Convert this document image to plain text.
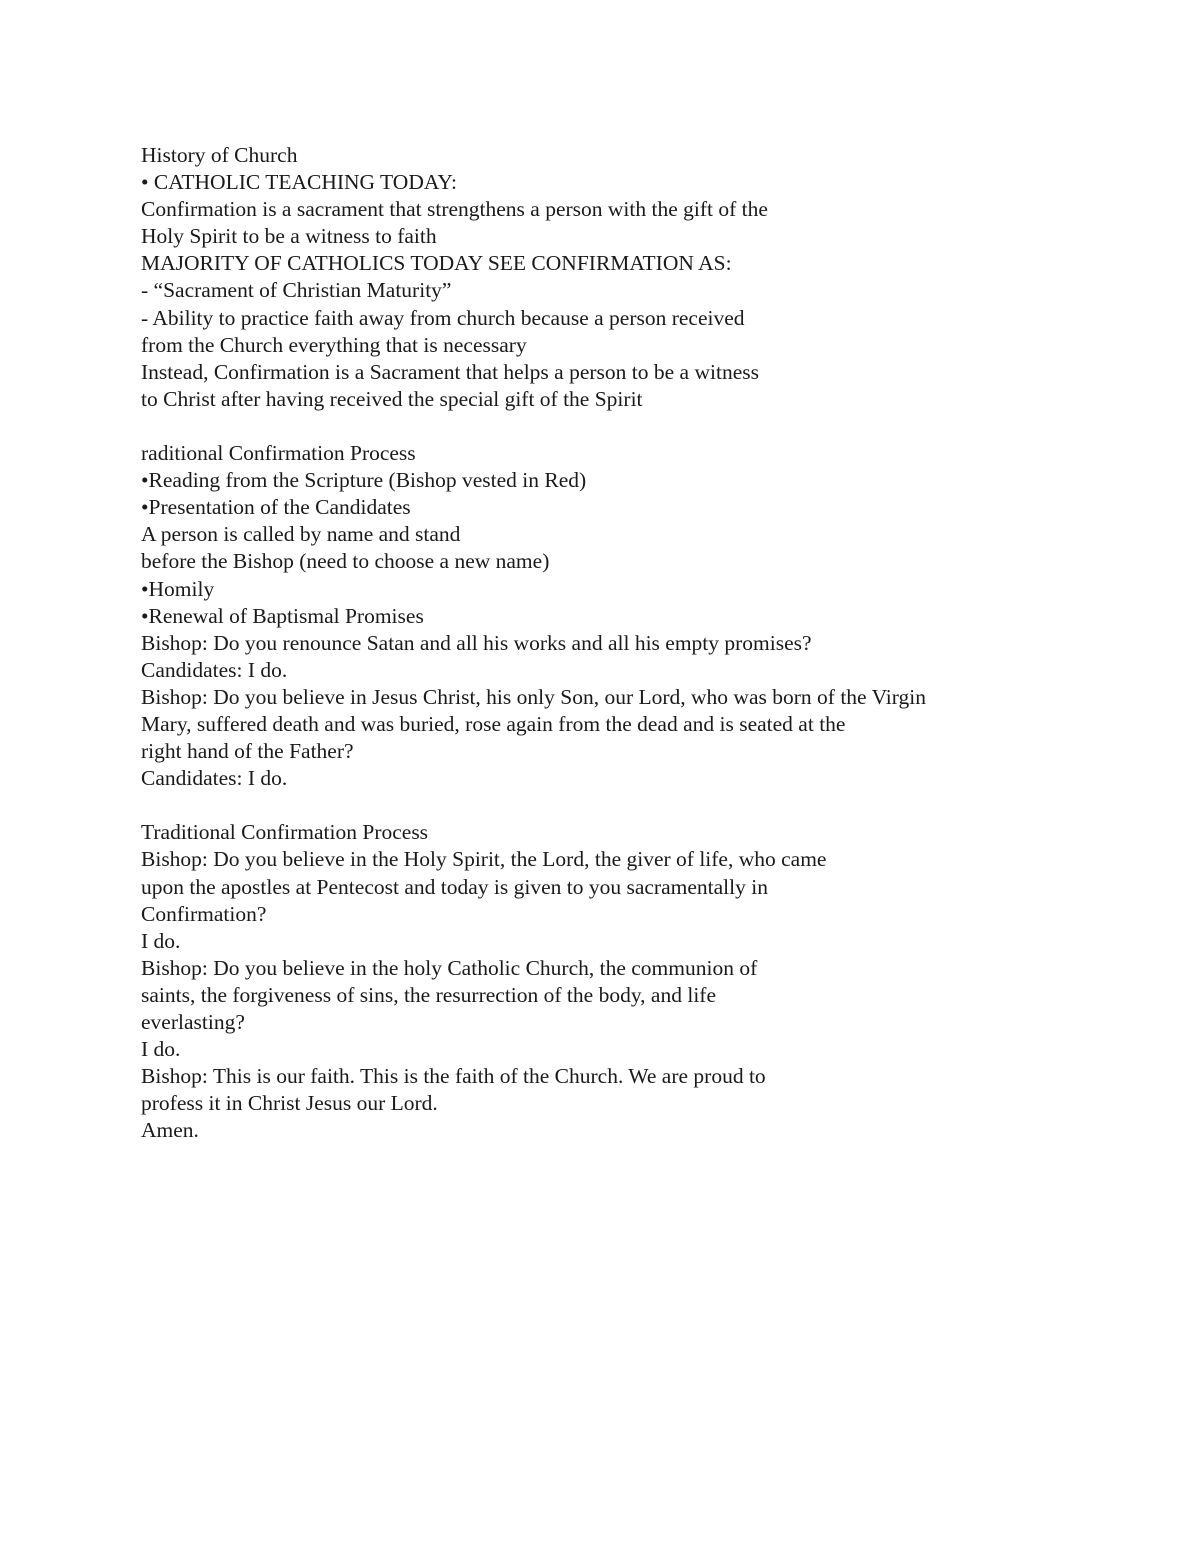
History of Church
• CATHOLIC TEACHING TODAY:
Confirmation is a sacrament that strengthens a person with the gift of the
Holy Spirit to be a witness to faith
MAJORITY OF CATHOLICS TODAY SEE CONFIRMATION AS:
- “Sacrament of Christian Maturity”
- Ability to practice faith away from church because a person received
from the Church everything that is necessary
Instead, Confirmation is a Sacrament that helps a person to be a witness
to Christ after having received the special gift of the Spirit
raditional Confirmation Process
•Reading from the Scripture (Bishop vested in Red)
•Presentation of the Candidates
A person is called by name and stand
before the Bishop (need to choose a new name)
•Homily
•Renewal of Baptismal Promises
Bishop: Do you renounce Satan and all his works and all his empty promises?
Candidates: I do.
Bishop: Do you believe in Jesus Christ, his only Son, our Lord, who was born of the Virgin
Mary, suffered death and was buried, rose again from the dead and is seated at the
right hand of the Father?
Candidates: I do.
Traditional Confirmation Process
Bishop: Do you believe in the Holy Spirit, the Lord, the giver of life, who came
upon the apostles at Pentecost and today is given to you sacramentally in
Confirmation?
I do.
Bishop: Do you believe in the holy Catholic Church, the communion of
saints, the forgiveness of sins, the resurrection of the body, and life
everlasting?
I do.
Bishop: This is our faith. This is the faith of the Church. We are proud to
profess it in Christ Jesus our Lord.
Amen.
